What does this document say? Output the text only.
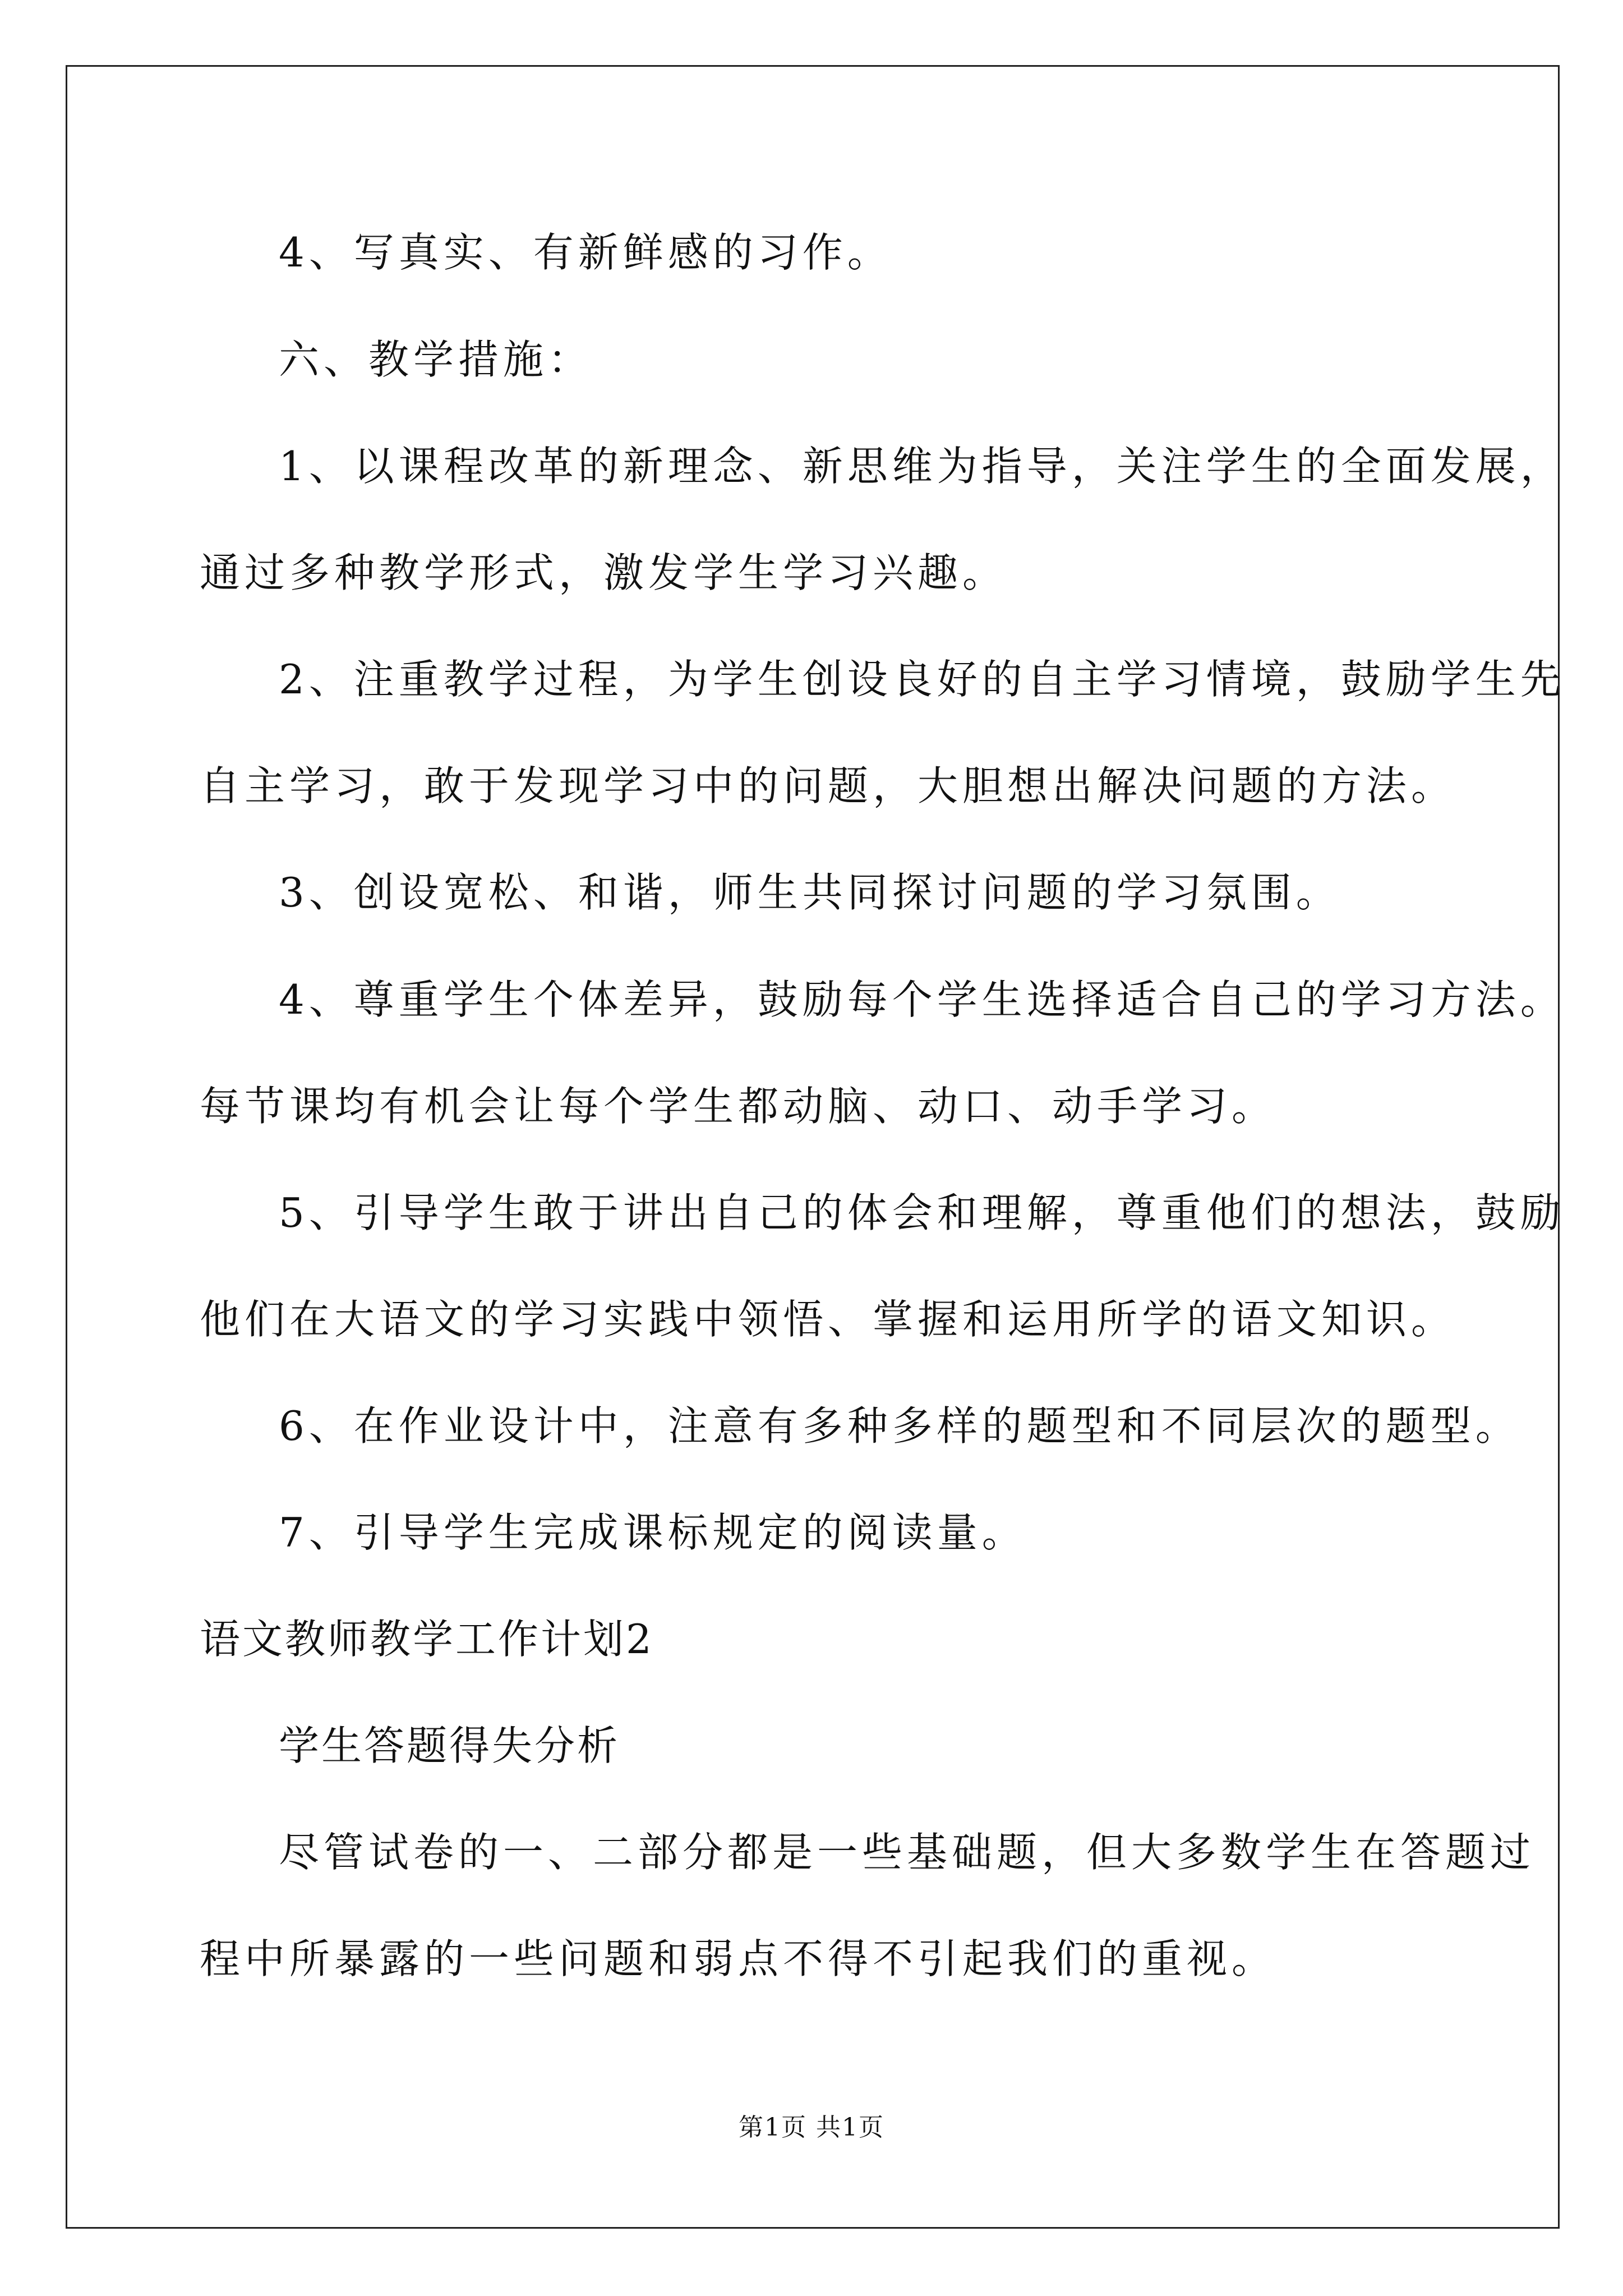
4、写真实、有新鲜感的习作。
六、教学措施：
1、以课程改革的新理念、新思维为指导，关注学生的全面发展，
通过多种教学形式，激发学生学习兴趣。
2、注重教学过程，为学生创设良好的自主学习情境，鼓励学生先
自主学习，敢于发现学习中的问题，大胆想出解决问题的方法。
3、创设宽松、和谐，师生共同探讨问题的学习氛围。
4、尊重学生个体差异，鼓励每个学生选择适合自己的学习方法。
每节课均有机会让每个学生都动脑、动口、动手学习。
5、引导学生敢于讲出自己的体会和理解，尊重他们的想法，鼓励
他们在大语文的学习实践中领悟、掌握和运用所学的语文知识。
6、在作业设计中，注意有多种多样的题型和不同层次的题型。
7、引导学生完成课标规定的阅读量。
语文教师教学工作计划2
学生答题得失分析
尽管试卷的一、二部分都是一些基础题，但大多数学生在答题过
程中所暴露的一些问题和弱点不得不引起我们的重视。
第1页 共1页
